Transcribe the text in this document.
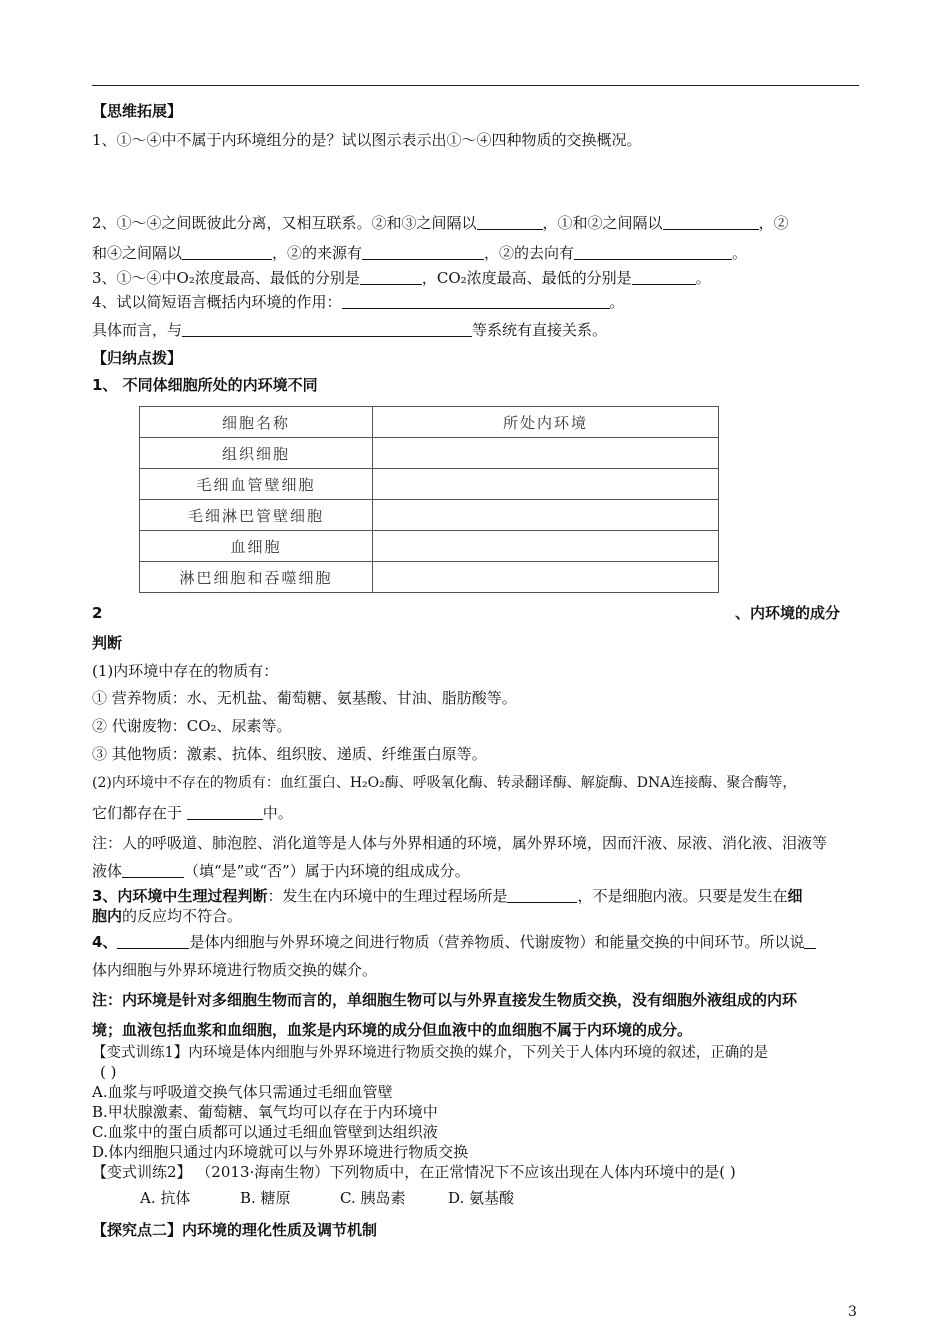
【思维拓展】
1、①～④中不属于内环境组分的是？试以图示表示出①～④四种物质的交换概况。
2、①～④之间既彼此分离，又相互联系。②和③之间隔以	，①和②之间隔以	，②
和④之间隔以	，②的来源有	，②的去向有	。
3、①～④中O₂浓度最高、最低的分别是	，CO₂浓度最高、最低的分别是	。
4、试以简短语言概括内环境的作用：	。
具体而言，与	等系统有直接关系。
【归纳点拨】
1、 不同体细胞所处的内环境不同
细胞名称	所处内环境
组织细胞	
毛细血管壁细胞	
毛细淋巴管壁细胞	
血细胞	
淋巴细胞和吞噬细胞	
2	、内环境的成分
判断
(1)内环境中存在的物质有：
① 营养物质：水、无机盐、葡萄糖、氨基酸、甘油、脂肪酸等。
② 代谢废物：CO₂、尿素等。
③ 其他物质：激素、抗体、组织胺、递质、纤维蛋白原等。
(2)内环境中不存在的物质有：血红蛋白、H₂O₂酶、呼吸氧化酶、转录翻译酶、解旋酶、DNA连接酶、聚合酶等，
它们都存在于	中。
注：人的呼吸道、肺泡腔、消化道等是人体与外界相通的环境，属外界环境，因而汗液、尿液、消化液、泪液等
液体	（填“是”或“否”）属于内环境的组成成分。
3、内环境中生理过程判断：发生在内环境中的生理过程场所是	，不是细胞内液。只要是发生在细
胞内的反应均不符合。
4、	是体内细胞与外界环境之间进行物质（营养物质、代谢废物）和能量交换的中间环节。所以说
体内细胞与外界环境进行物质交换的媒介。
注：内环境是针对多细胞生物而言的，单细胞生物可以与外界直接发生物质交换，没有细胞外液组成的内环
境；血液包括血浆和血细胞，血浆是内环境的成分但血液中的血细胞不属于内环境的成分。
【变式训练1】内环境是体内细胞与外界环境进行物质交换的媒介，下列关于人体内环境的叙述，正确的是
( )
A.血浆与呼吸道交换气体只需通过毛细血管壁
B.甲状腺激素、葡萄糖、氧气均可以存在于内环境中
C.血浆中的蛋白质都可以通过毛细血管壁到达组织液
D.体内细胞只通过内环境就可以与外界环境进行物质交换
【变式训练2】 （2013·海南生物）下列物质中，在正常情况下不应该出现在人体内环境中的是( )
A. 抗体	B. 糖原	C. 胰岛素	D. 氨基酸
【探究点二】内环境的理化性质及调节机制
3
